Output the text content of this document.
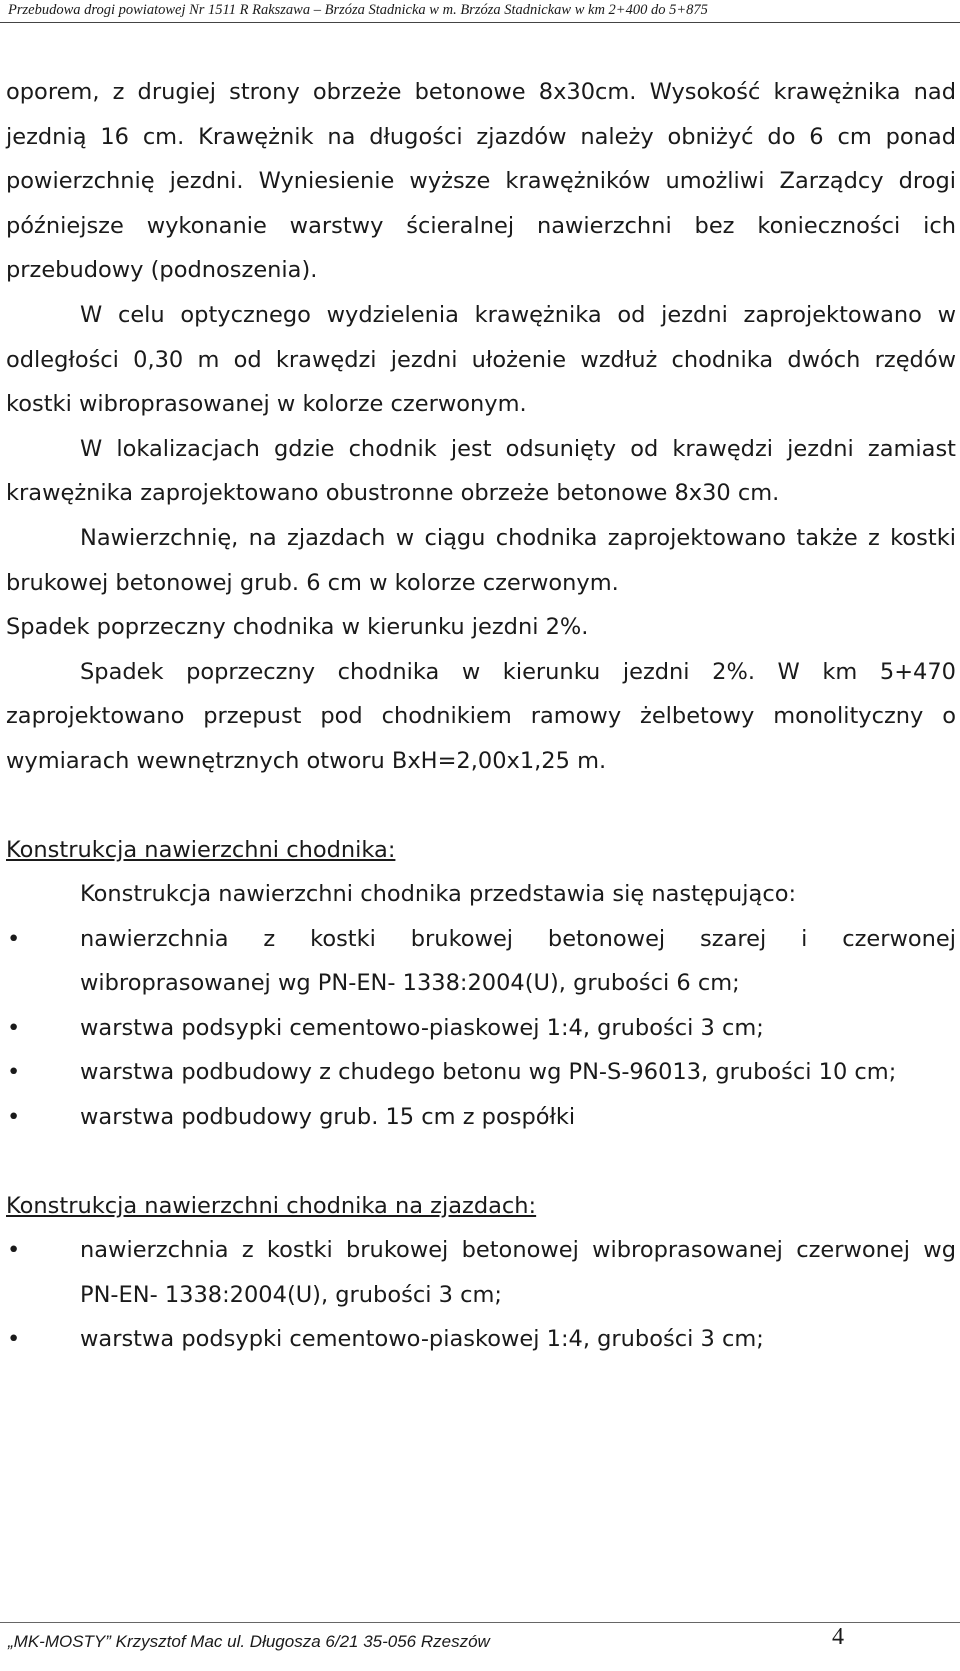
Przebudowa drogi powiatowej Nr 1511 R Rakszawa – Brzóza Stadnicka w m. Brzóza Stadnickaw w km 2+400 do 5+875

oporem, z drugiej strony obrzeże betonowe 8x30cm. Wysokość krawężnika nad jezdnią 16 cm. Krawężnik na długości zjazdów należy obniżyć do 6 cm ponad powierzchnię jezdni. Wyniesienie wyższe krawężników umożliwi Zarządcy drogi późniejsze wykonanie warstwy ścieralnej nawierzchni bez konieczności ich przebudowy (podnoszenia).

W celu optycznego wydzielenia krawężnika od jezdni zaprojektowano w odległości 0,30 m od krawędzi jezdni ułożenie wzdłuż chodnika dwóch rzędów kostki wibroprasowanej w kolorze czerwonym.

W lokalizacjach gdzie chodnik jest odsunięty od krawędzi jezdni zamiast krawężnika zaprojektowano obustronne obrzeże betonowe 8x30 cm.

Nawierzchnię, na zjazdach w ciągu chodnika zaprojektowano także z kostki brukowej betonowej grub. 6 cm w kolorze czerwonym.

Spadek poprzeczny chodnika w kierunku jezdni 2%.

Spadek poprzeczny chodnika w kierunku jezdni 2%. W km 5+470 zaprojektowano przepust pod chodnikiem ramowy żelbetowy monolityczny o wymiarach wewnętrznych otworu BxH=2,00x1,25 m.

Konstrukcja nawierzchni chodnika:

Konstrukcja nawierzchni chodnika przedstawia się następująco:

•	nawierzchnia z kostki brukowej betonowej szarej i czerwonej wibroprasowanej wg PN-EN- 1338:2004(U), grubości 6 cm;
•	warstwa podsypki cementowo-piaskowej 1:4, grubości 3 cm;
•	warstwa podbudowy z chudego betonu wg PN-S-96013, grubości 10 cm;
•	warstwa podbudowy grub. 15 cm z pospółki

Konstrukcja nawierzchni chodnika na zjazdach:

•	nawierzchnia z kostki brukowej betonowej wibroprasowanej czerwonej wg PN-EN- 1338:2004(U), grubości 3 cm;
•	warstwa podsypki cementowo-piaskowej 1:4, grubości 3 cm;
„MK-MOSTY” Krzysztof Mac ul. Długosza 6/21 35-056 Rzeszów	4
